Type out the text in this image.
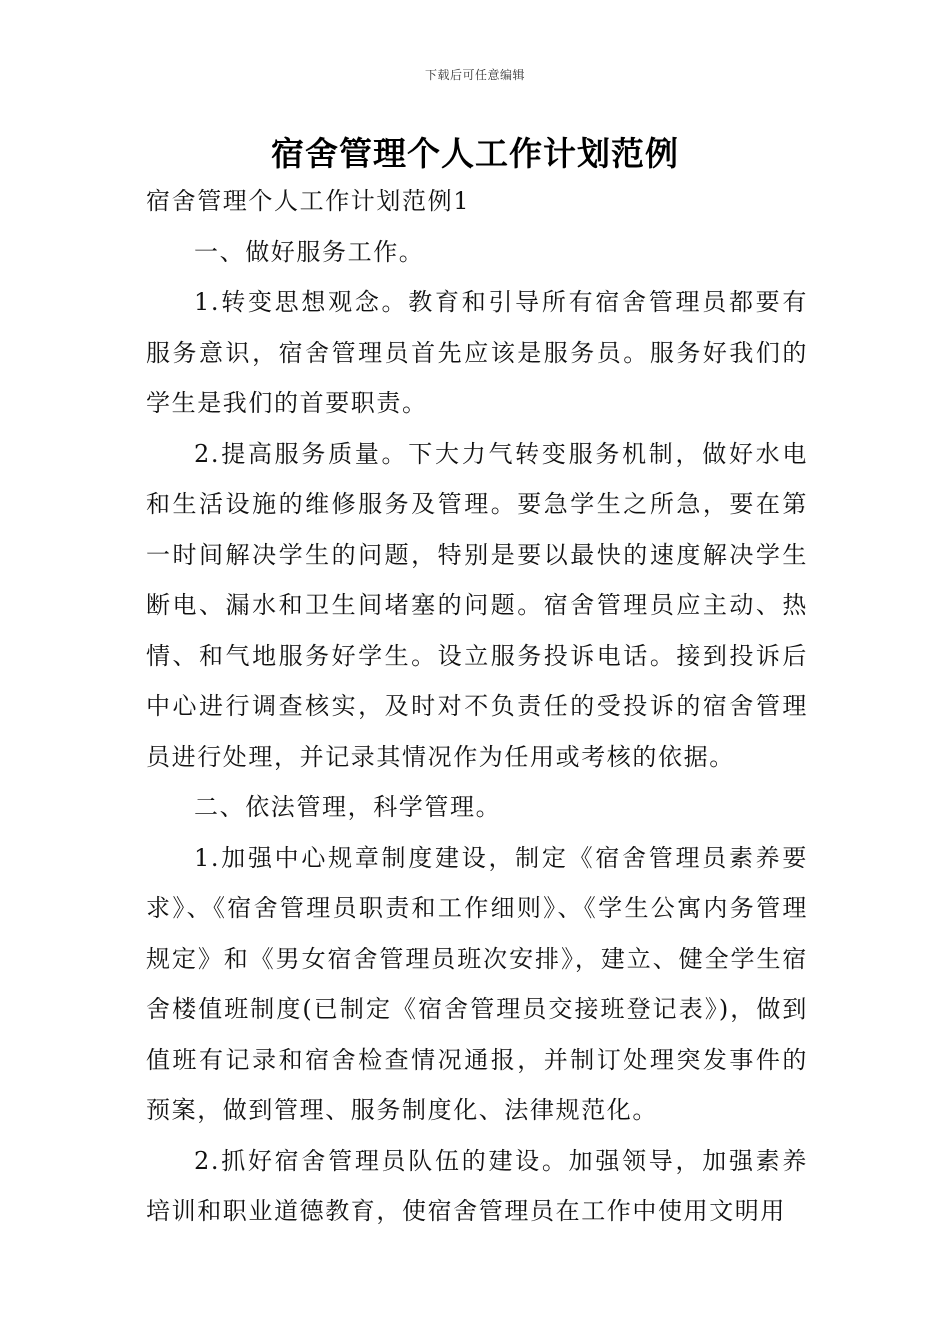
下载后可任意编辑
宿舍管理个人工作计划范例

宿舍管理个人工作计划范例1

一、做好服务工作。

1.转变思想观念。教育和引导所有宿舍管理员都要有服务意识，宿舍管理员首先应该是服务员。服务好我们的学生是我们的首要职责。

2.提高服务质量。下大力气转变服务机制，做好水电和生活设施的维修服务及管理。要急学生之所急，要在第一时间解决学生的问题，特别是要以最快的速度解决学生断电、漏水和卫生间堵塞的问题。宿舍管理员应主动、热情、和气地服务好学生。设立服务投诉电话。接到投诉后中心进行调查核实，及时对不负责任的受投诉的宿舍管理员进行处理，并记录其情况作为任用或考核的依据。

二、依法管理，科学管理。

1.加强中心规章制度建设，制定《宿舍管理员素养要求》、《宿舍管理员职责和工作细则》、《学生公寓内务管理规定》和《男女宿舍管理员班次安排》，建立、健全学生宿舍楼值班制度(已制定《宿舍管理员交接班登记表》)，做到值班有记录和宿舍检查情况通报，并制订处理突发事件的预案，做到管理、服务制度化、法律规范化。

2.抓好宿舍管理员队伍的建设。加强领导，加强素养培训和职业道德教育，使宿舍管理员在工作中使用文明用
